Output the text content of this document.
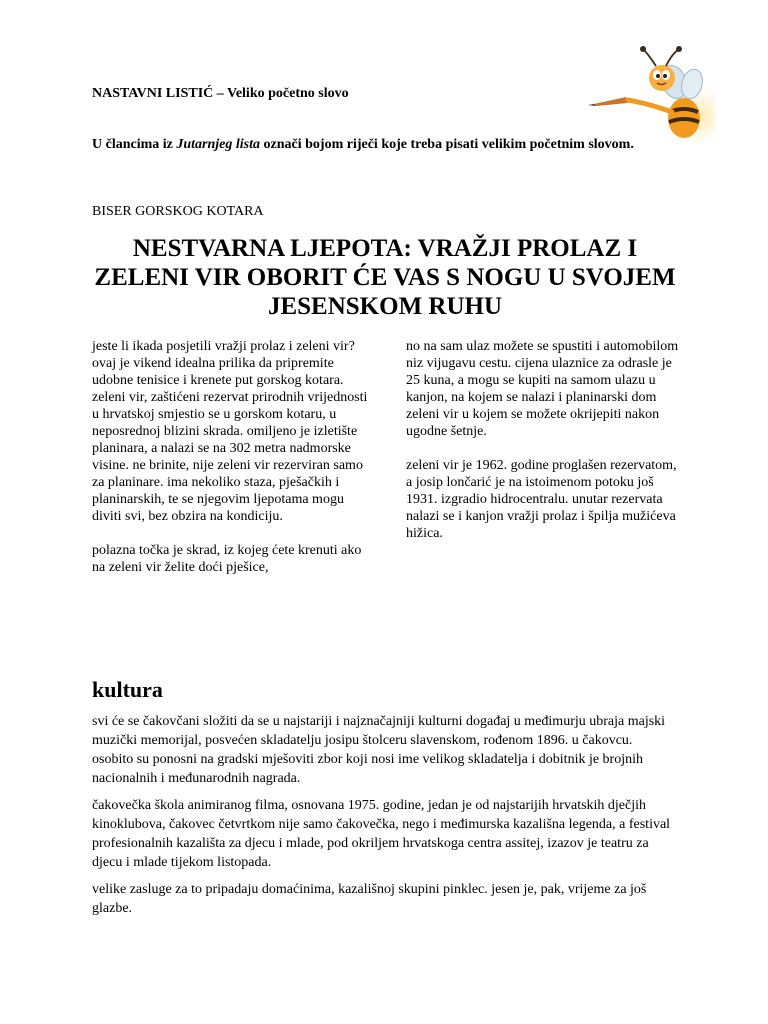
NASTAVNI LISTIĆ – Veliko početno slovo
U člancima iz Jutarnjeg lista označi bojom riječi koje treba pisati velikim početnim slovom.
BISER GORSKOG KOTARA
NESTVARNA LJEPOTA: VRAŽJI PROLAZ I ZELENI VIR OBORIT ĆE VAS S NOGU U SVOJEM JESENSKOM RUHU

jeste li ikada posjetili vražji prolaz i zeleni vir? ovaj je vikend idealna prilika da pripremite udobne tenisice i krenete put gorskog kotara. zeleni vir, zaštićeni rezervat prirodnih vrijednosti u hrvatskoj smjestio se u gorskom kotaru, u neposrednoj blizini skrada. omiljeno je izletište planinara, a nalazi se na 302 metra nadmorske visine. ne brinite, nije zeleni vir rezerviran samo za planinare. ima nekoliko staza, pješačkih i planinarskih, te se njegovim ljepotama mogu diviti svi, bez obzira na kondiciju.

polazna točka je skrad, iz kojeg ćete krenuti ako na zeleni vir želite doći pješice,

no na sam ulaz možete se spustiti i automobilom niz vijugavu cestu. cijena ulaznice za odrasle je 25 kuna, a mogu se kupiti na samom ulazu u kanjon, na kojem se nalazi i planinarski dom zeleni vir u kojem se možete okrijepiti nakon ugodne šetnje.

zeleni vir je 1962. godine proglašen rezervatom, a josip lončarić je na istoimenom potoku još 1931. izgradio hidrocentralu. unutar rezervata nalazi se i kanjon vražji prolaz i špilja mužićeva hižica.

kultura

svi će se čakovčani složiti da se u najstariji i najznačajniji kulturni događaj u međimurju ubraja majski muzički memorijal, posvećen skladatelju josipu štolceru slavenskom, rođenom 1896. u čakovcu. osobito su ponosni na gradski mješoviti zbor koji nosi ime velikog skladatelja i dobitnik je brojnih nacionalnih i međunarodnih nagrada.

čakovečka škola animiranog filma, osnovana 1975. godine, jedan je od najstarijih hrvatskih dječjih kinoklubova, čakovec četvrtkom nije samo čakovečka, nego i međimurska kazališna legenda, a festival profesionalnih kazališta za djecu i mlade, pod okriljem hrvatskoga centra assitej, izazov je teatru za djecu i mlade tijekom listopada.

velike zasluge za to pripadaju domaćinima, kazališnoj skupini pinklec. jesen je, pak, vrijeme za još glazbe.
